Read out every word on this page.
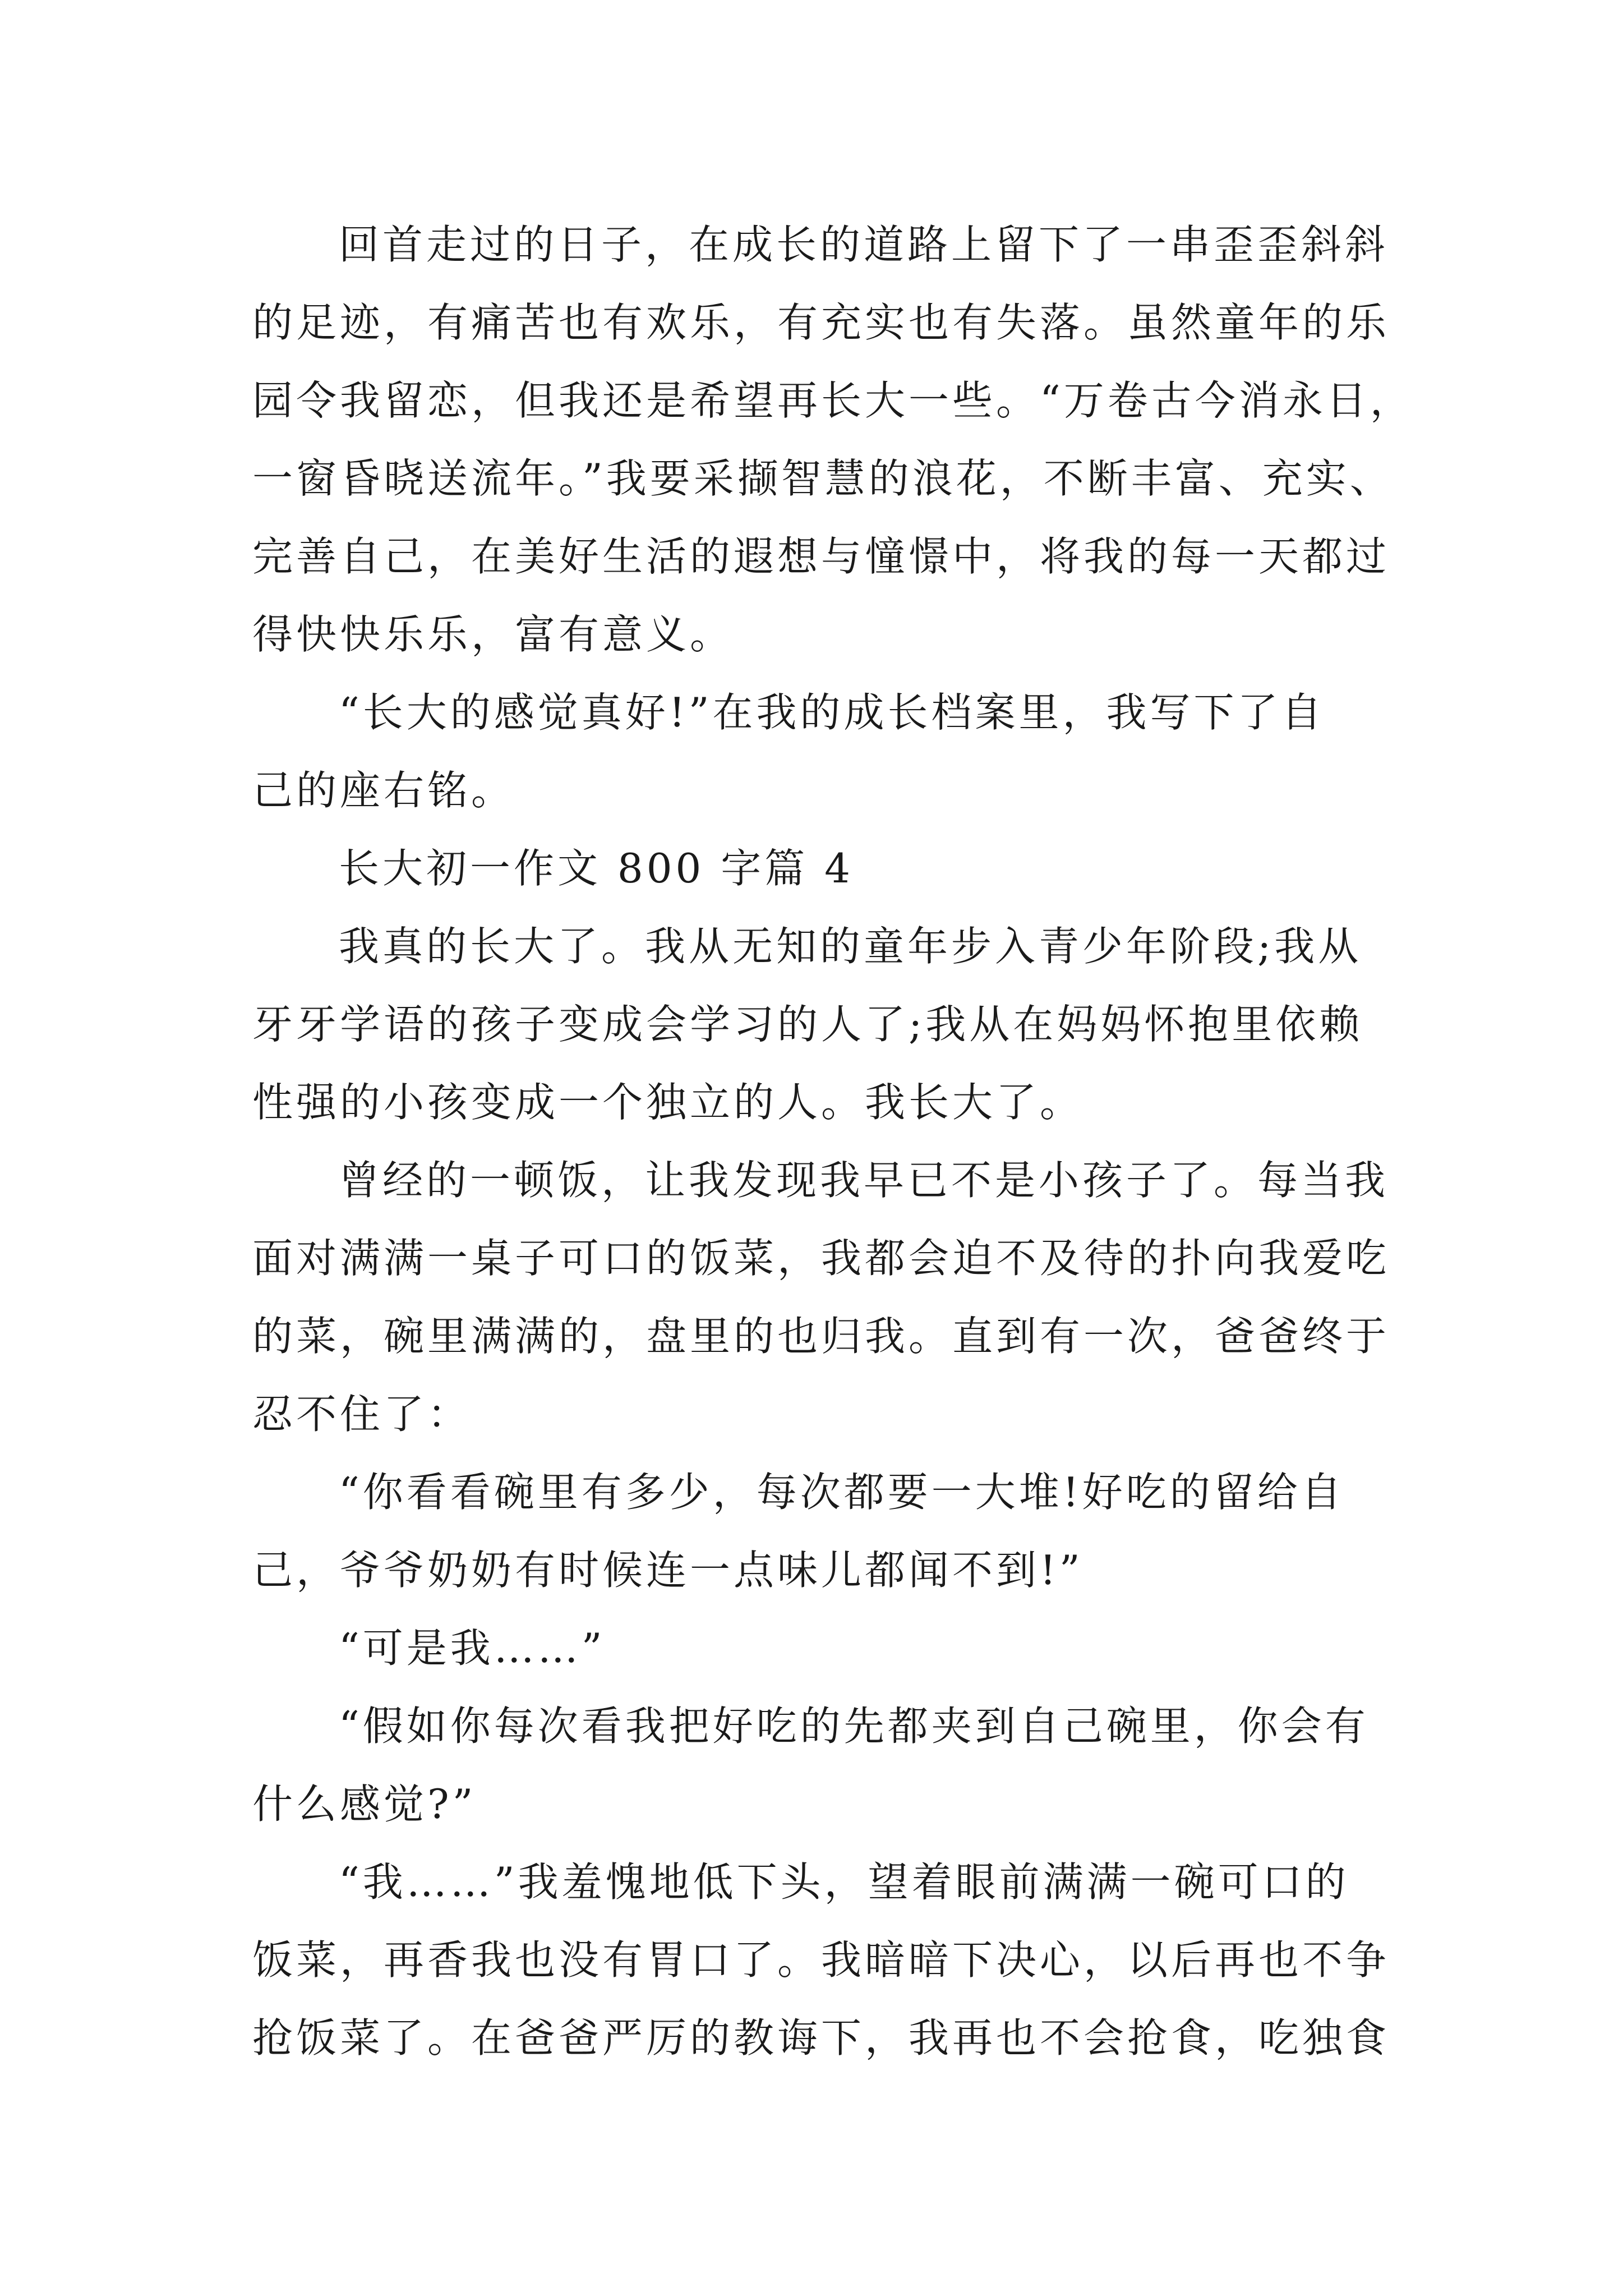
回首走过的日子，在成长的道路上留下了一串歪歪斜斜
的足迹，有痛苦也有欢乐，有充实也有失落。虽然童年的乐
园令我留恋，但我还是希望再长大一些。“万卷古今消永日，
一窗昏晓送流年。”我要采撷智慧的浪花，不断丰富、充实、
完善自己，在美好生活的遐想与憧憬中，将我的每一天都过
得快快乐乐，富有意义。
“长大的感觉真好!”在我的成长档案里，我写下了自
己的座右铭。
长大初一作文 800 字篇 4
我真的长大了。我从无知的童年步入青少年阶段;我从
牙牙学语的孩子变成会学习的人了;我从在妈妈怀抱里依赖
性强的小孩变成一个独立的人。我长大了。
曾经的一顿饭，让我发现我早已不是小孩子了。每当我
面对满满一桌子可口的饭菜，我都会迫不及待的扑向我爱吃
的菜，碗里满满的，盘里的也归我。直到有一次，爸爸终于
忍不住了：
“你看看碗里有多少，每次都要一大堆!好吃的留给自
己，爷爷奶奶有时候连一点味儿都闻不到!”
“可是我……”
“假如你每次看我把好吃的先都夹到自己碗里，你会有
什么感觉?”
“我……”我羞愧地低下头，望着眼前满满一碗可口的
饭菜，再香我也没有胃口了。我暗暗下决心，以后再也不争
抢饭菜了。在爸爸严厉的教诲下，我再也不会抢食，吃独食
